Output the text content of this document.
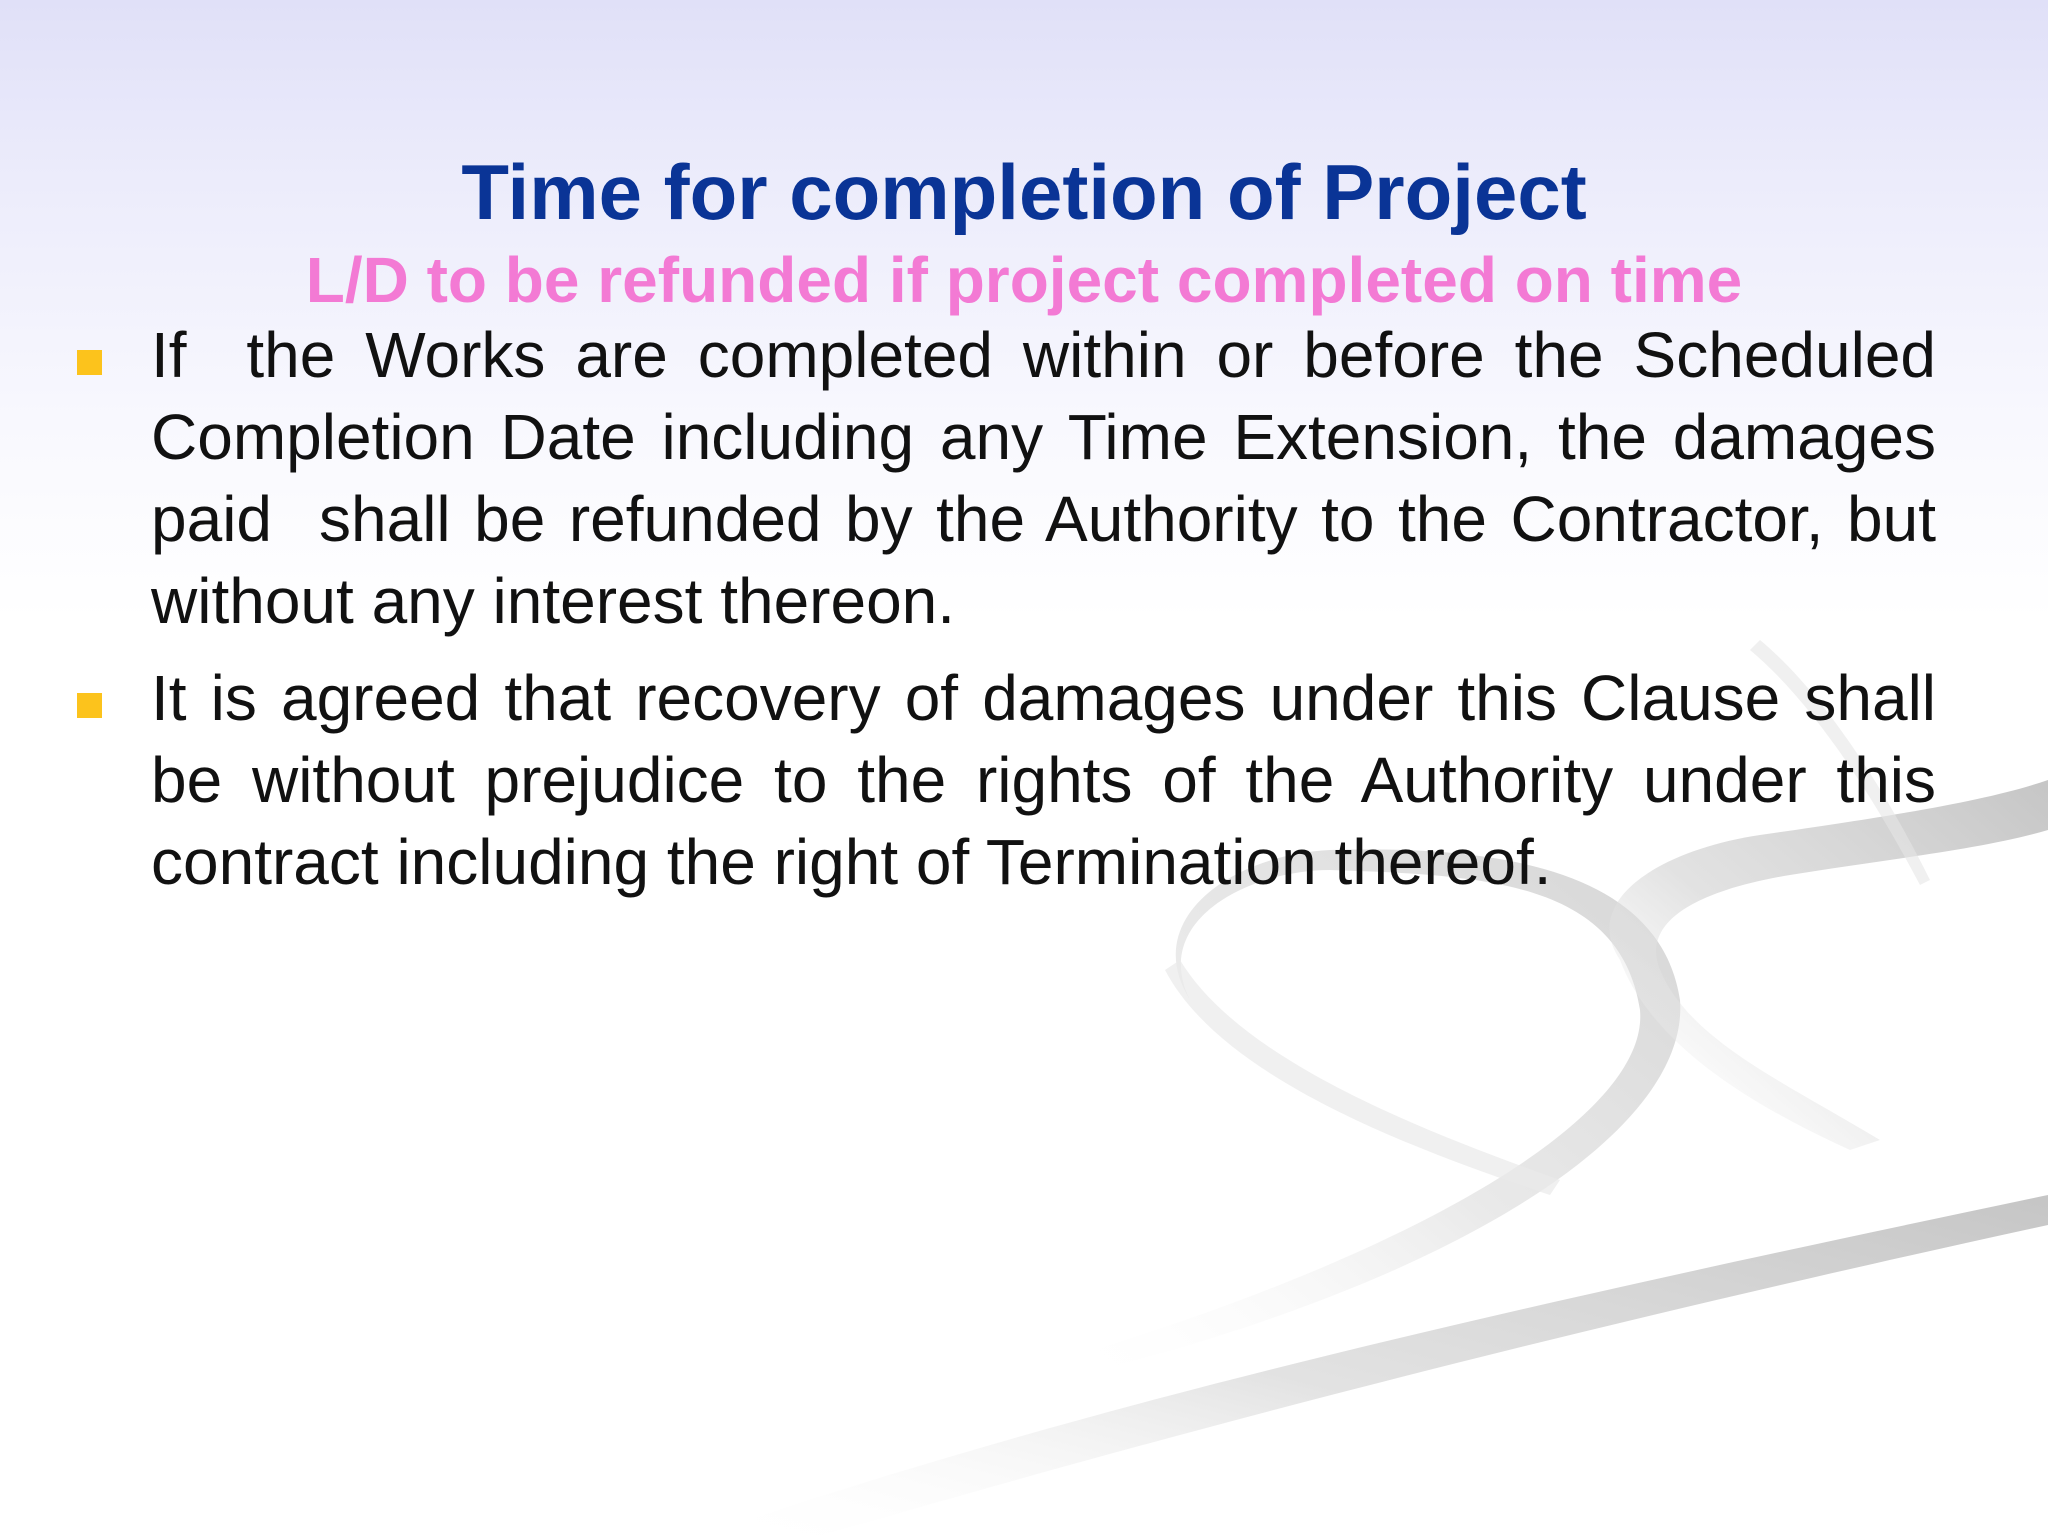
Time for completion of Project
L/D to be refunded if project completed on time
If  the Works are completed within or before the Scheduled Completion Date including any Time Extension, the damages paid  shall be refunded by the Authority to the Contractor, but without any interest thereon.
It is agreed that recovery of damages under this Clause shall be without prejudice to the rights of the Authority under this contract including the right of Termination thereof.
